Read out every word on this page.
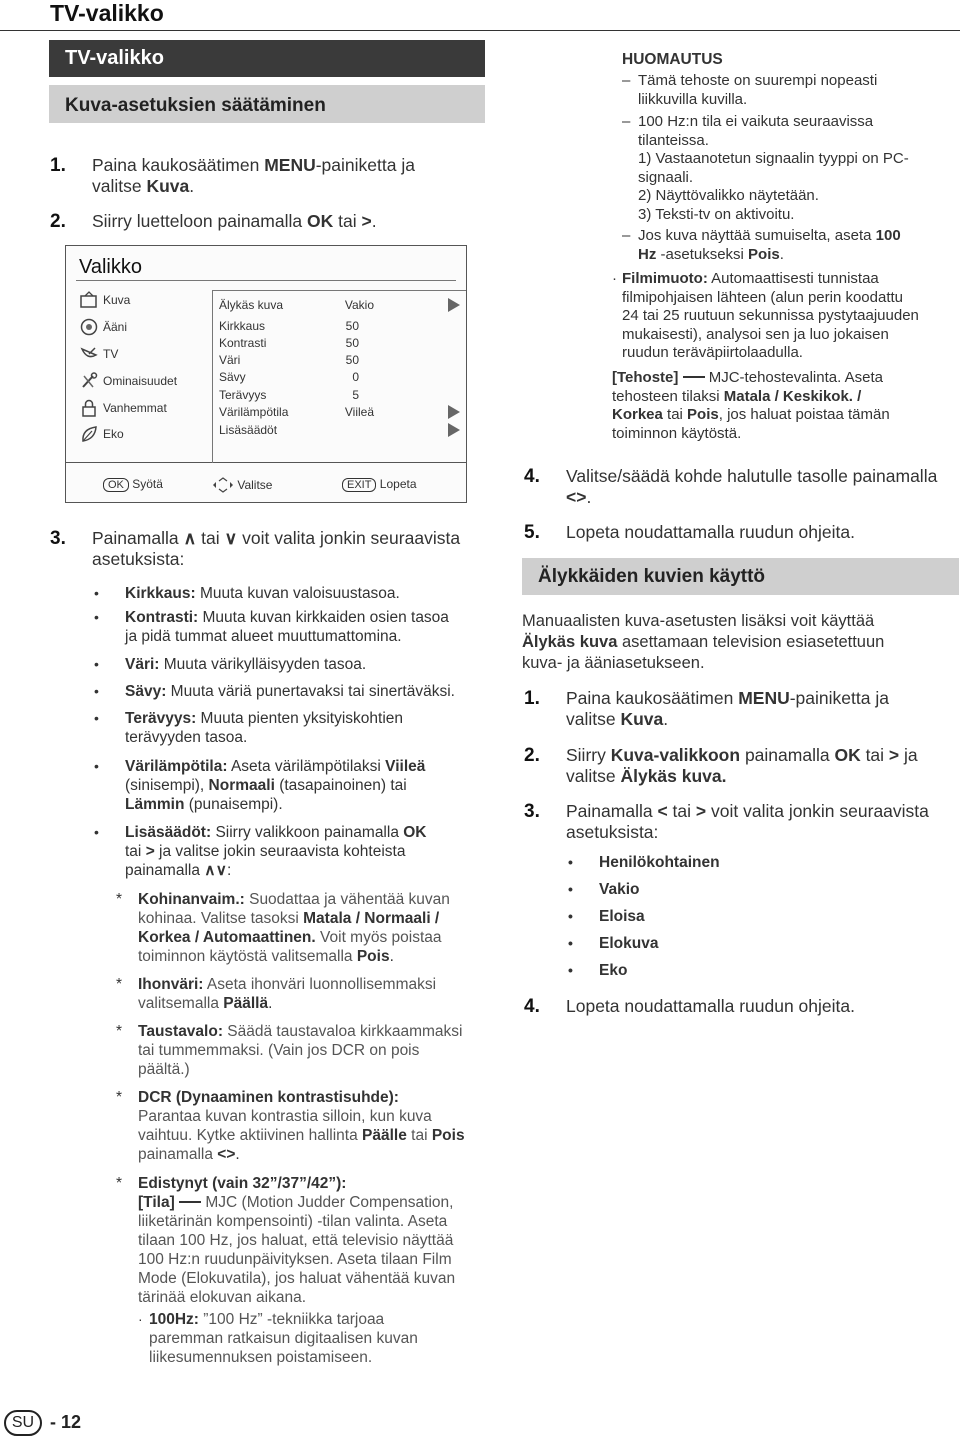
TV-valikko
TV-valikko
Kuva-asetuksien säätäminen
1. Paina kaukosäätimen MENU-painiketta ja
valitse Kuva.
2. Siirry luetteloon painamalla OK tai >.
Valikko
Kuva
Ääni
TV
Ominaisuudet
Vanhemmat
Eko
Älykäs kuva	Vakio
Kirkkaus	50
Kontrasti	50
Väri	50
Sävy	0
Terävyys	5
Värilämpötila	Viileä
Lisäsäädöt
OK Syötä	Valitse	EXIT Lopeta
3. Painamalla ∧ tai ∨ voit valita jonkin seuraavista
asetuksista:
• Kirkkaus: Muuta kuvan valoisuustasoa.
• Kontrasti: Muuta kuvan kirkkaiden osien tasoa
ja pidä tummat alueet muuttumattomina.
• Väri: Muuta värikylläisyyden tasoa.
• Sävy: Muuta väriä punertavaksi tai sinertäväksi.
• Terävyys: Muuta pienten yksityiskohtien
terävyyden tasoa.
• Värilämpötila: Aseta värilämpötilaksi Viileä
(sinisempi), Normaali (tasapainoinen) tai
Lämmin (punaisempi).
• Lisäsäädöt: Siirry valikkoon painamalla OK
tai > ja valitse jokin seuraavista kohteista
painamalla ∧∨:
* Kohinanvaim.: Suodattaa ja vähentää kuvan
kohinaa. Valitse tasoksi Matala / Normaali /
Korkea / Automaattinen. Voit myös poistaa
toiminnon käytöstä valitsemalla Pois.
* Ihonväri: Aseta ihonväri luonnollisemmaksi
valitsemalla Päällä.
* Taustavalo: Säädä taustavaloa kirkkaammaksi
tai tummemmaksi. (Vain jos DCR on pois
päältä.)
* DCR (Dynaaminen kontrastisuhde):
Parantaa kuvan kontrastia silloin, kun kuva
vaihtuu. Kytke aktiivinen hallinta Päälle tai Pois
painamalla <>.
* Edistynyt (vain 32”/37”/42”):
[Tila]  MJC (Motion Judder Compensation,
liiketärinän kompensointi) -tilan valinta. Aseta
tilaan 100 Hz, jos haluat, että televisio näyttää
100 Hz:n ruudunpäivityksen. Aseta tilaan Film
Mode (Elokuvatila), jos haluat vähentää kuvan
tärinää elokuvan aikana.
· 100Hz: ”100 Hz” -tekniikka tarjoaa
paremman ratkaisun digitaalisen kuvan
liikesumennuksen poistamiseen.
HUOMAUTUS
– Tämä tehoste on suurempi nopeasti
liikkuvilla kuvilla.
– 100 Hz:n tila ei vaikuta seuraavissa
tilanteissa.
1) Vastaanotetun signaalin tyyppi on PC-
signaali.
2) Näyttövalikko näytetään.
3) Teksti-tv on aktivoitu.
– Jos kuva näyttää sumuiselta, aseta 100
Hz -asetukseksi Pois.
· Filmimuoto: Automaattisesti tunnistaa
filmipohjaisen lähteen (alun perin koodattu
24 tai 25 ruutuun sekunnissa pystytaajuuden
mukaisesti), analysoi sen ja luo jokaisen
ruudun teräväpiirtolaadulla.
[Tehoste]  MJC-tehostevalinta. Aseta
tehosteen tilaksi Matala / Keskikok. /
Korkea tai Pois, jos haluat poistaa tämän
toiminnon käytöstä.
4. Valitse/säädä kohde halutulle tasolle painamalla
<>.
5. Lopeta noudattamalla ruudun ohjeita.
Älykkäiden kuvien käyttö
Manuaalisten kuva-asetusten lisäksi voit käyttää
Älykäs kuva asettamaan television esiasetettuun
kuva- ja ääniasetukseen.
1. Paina kaukosäätimen MENU-painiketta ja
valitse Kuva.
2. Siirry Kuva-valikkoon painamalla OK tai > ja
valitse Älykäs kuva.
3. Painamalla < tai > voit valita jonkin seuraavista
asetuksista:
• Henilökohtainen
• Vakio
• Eloisa
• Elokuva
• Eko
4. Lopeta noudattamalla ruudun ohjeita.
SU - 12
